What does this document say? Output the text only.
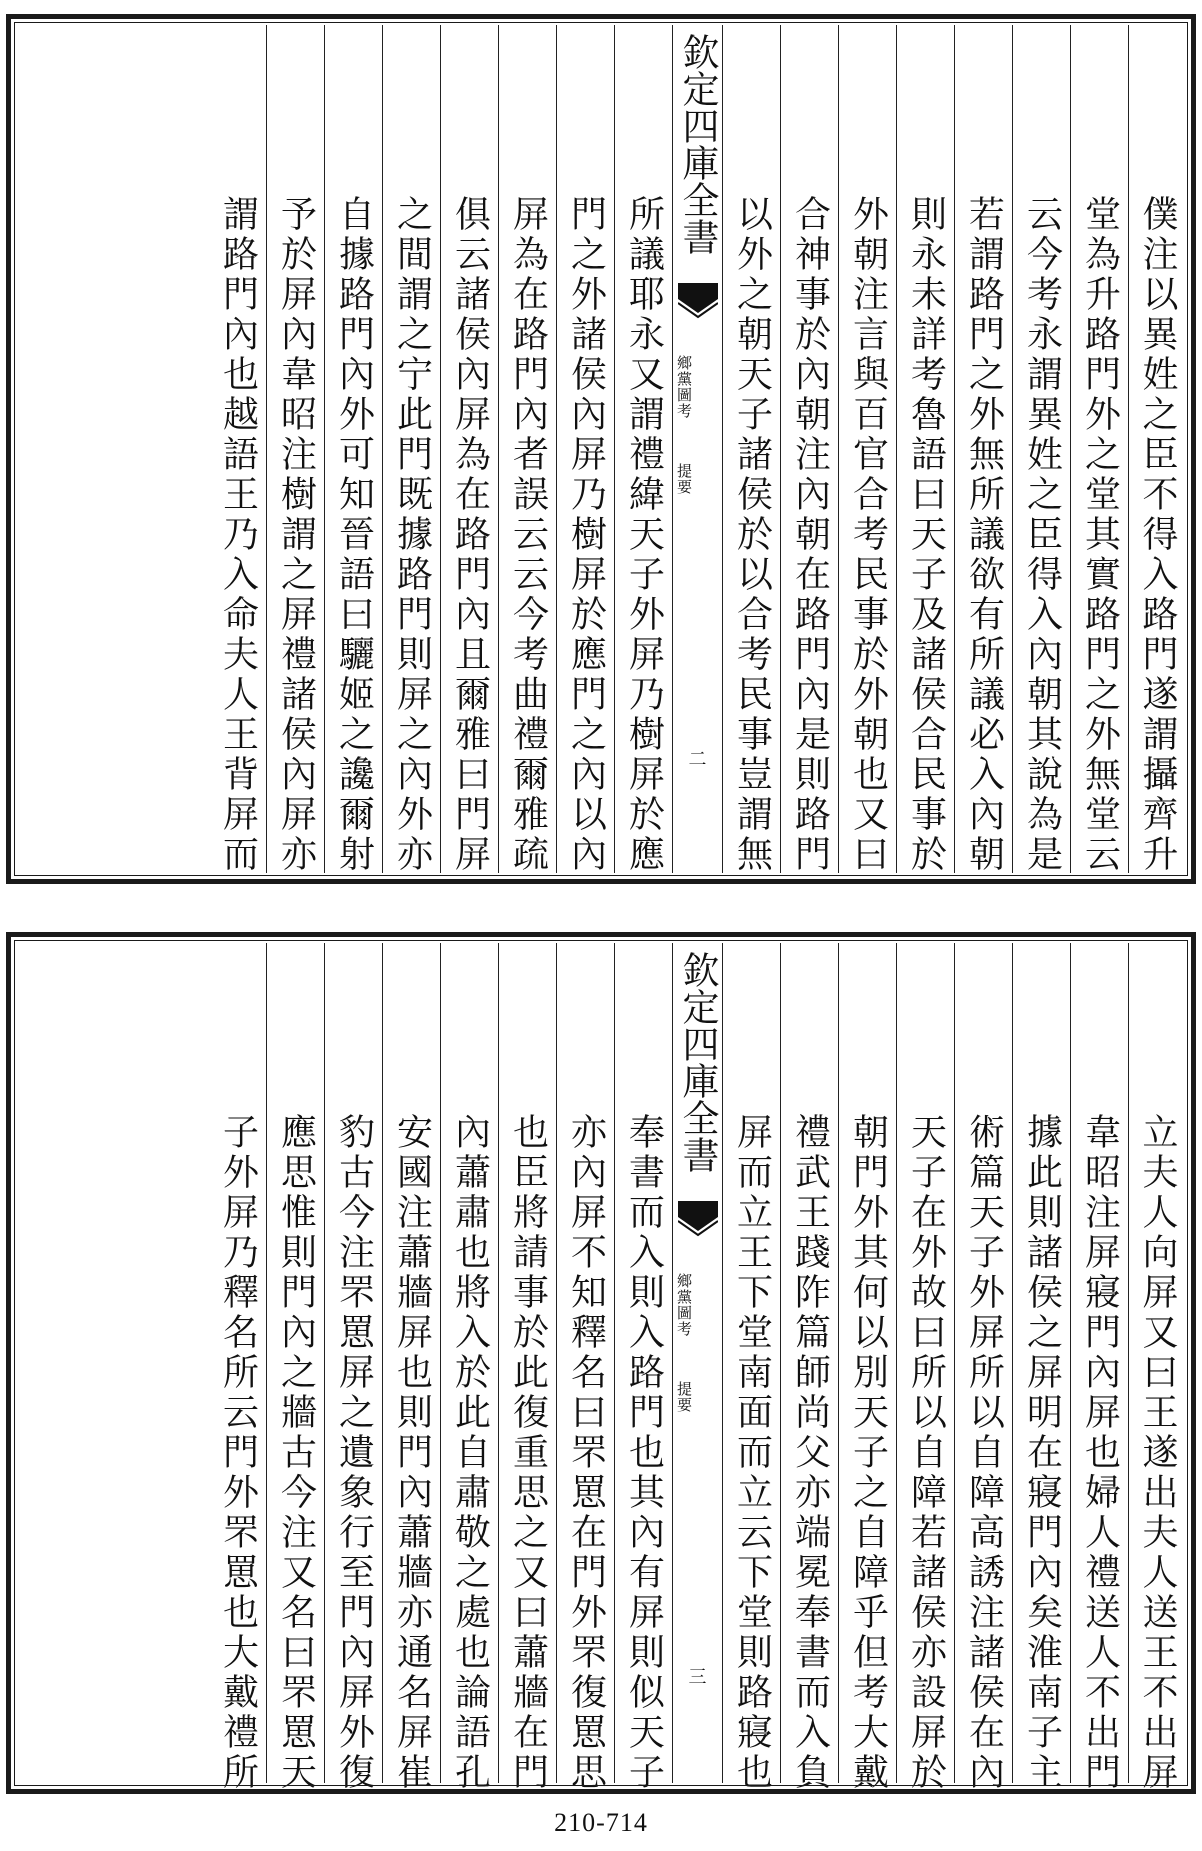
僕注以異姓之臣不得入路門遂謂攝齊升
堂為升路門外之堂其實路門之外無堂云
云今考永謂異姓之臣得入內朝其說為是
若謂路門之外無所議欲有所議必入內朝
則永未詳考魯語曰天子及諸侯合民事於
外朝注言與百官合考民事於外朝也又曰
合神事於內朝注內朝在路門內是則路門
以外之朝天子諸侯於以合考民事豈謂無
欽定四庫全書
鄉黨圖考
提要
二
所議耶永又謂禮緯天子外屏乃樹屏於應
門之外諸侯內屏乃樹屏於應門之內以內
屏為在路門內者誤云云今考曲禮爾雅疏
俱云諸侯內屏為在路門內且爾雅曰門屏
之間謂之宁此門既據路門則屏之內外亦
自據路門內外可知晉語曰驪姬之讒爾射
予於屏內韋昭注樹謂之屏禮諸侯內屏亦
謂路門內也越語王乃入命夫人王背屏而
立夫人向屏又曰王遂出夫人送王不出屏
韋昭注屏寢門內屏也婦人禮送人不出門
據此則諸侯之屏明在寢門內矣淮南子主
術篇天子外屏所以自障高誘注諸侯在內
天子在外故曰所以自障若諸侯亦設屏於
朝門外其何以別天子之自障乎但考大戴
禮武王踐阼篇師尚父亦端冕奉書而入負
屏而立王下堂南面而立云下堂則路寢也
欽定四庫全書
鄉黨圖考
提要
三
奉書而入則入路門也其內有屏則似天子
亦內屏不知釋名曰罘罳在門外罘復罳思
也臣將請事於此復重思之又曰蕭牆在門
內蕭肅也將入於此自肅敬之處也論語孔
安國注蕭牆屏也則門內蕭牆亦通名屏崔
豹古今注罘罳屏之遺象行至門內屏外復
應思惟則門內之牆古今注又名曰罘罳天
子外屏乃釋名所云門外罘罳也大戴禮所
210-714
